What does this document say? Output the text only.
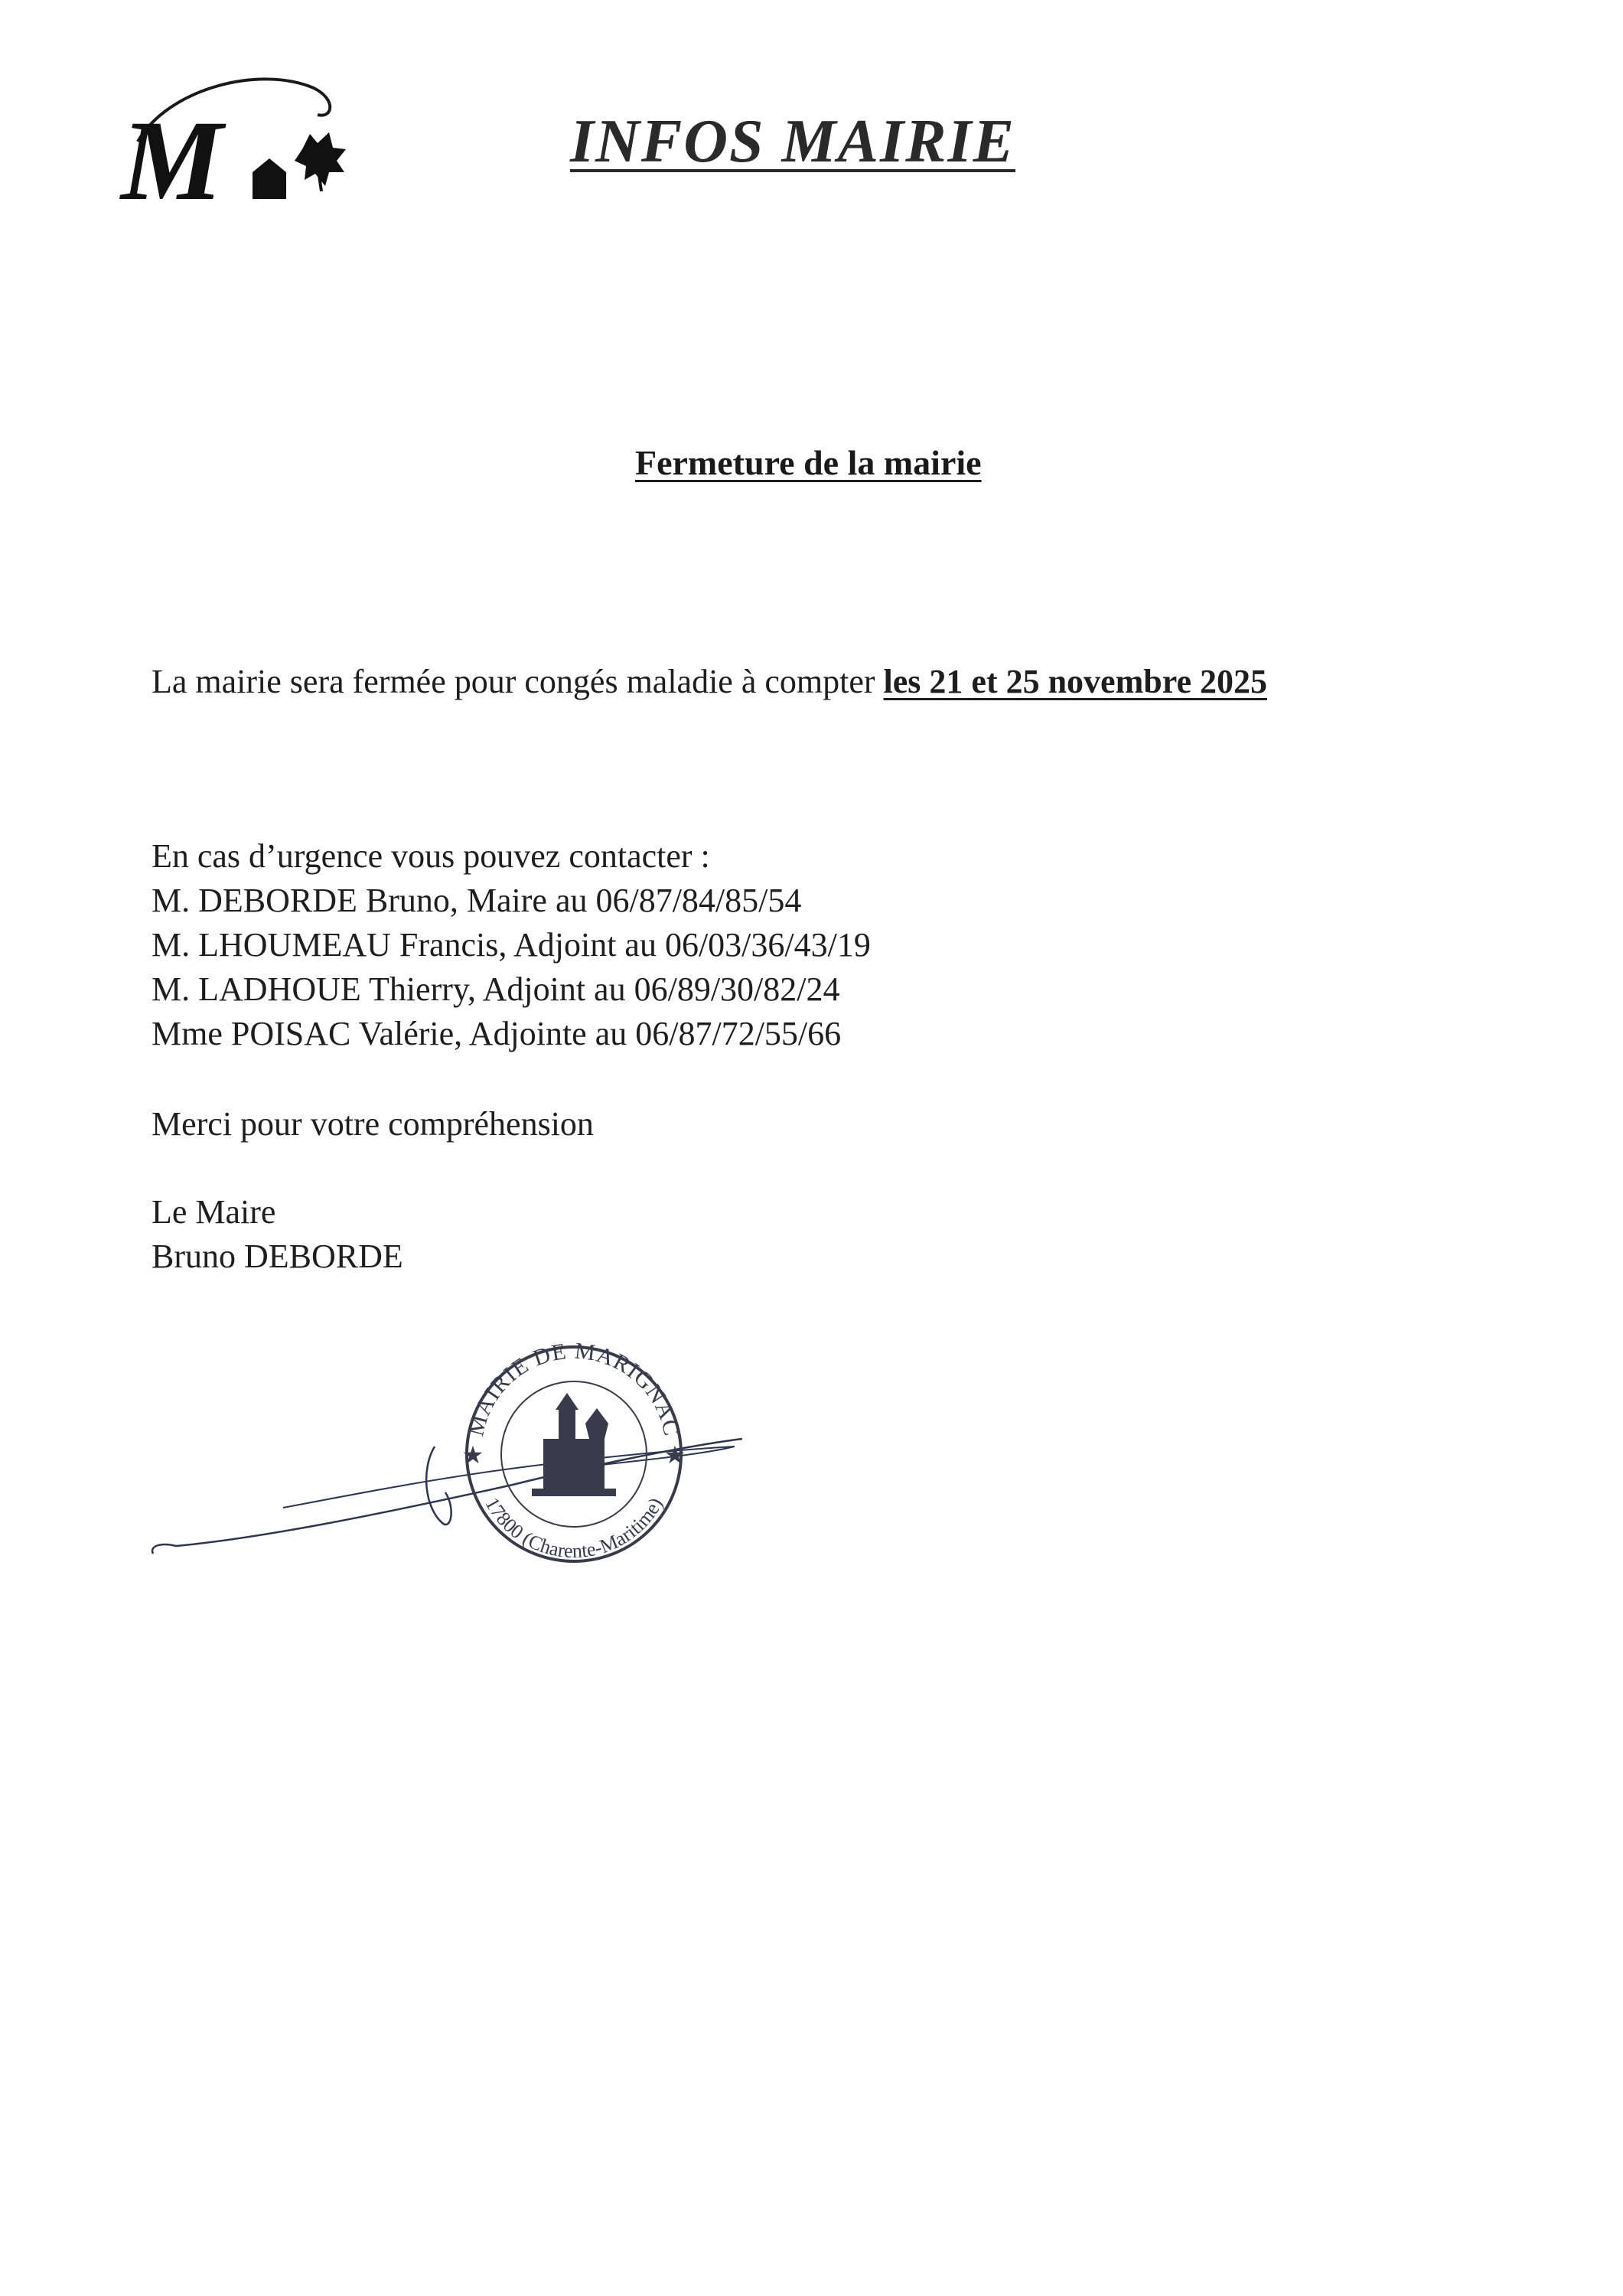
M	INFOS MAIRIE
Fermeture de la mairie
La mairie sera fermée pour congés maladie à compter les 21 et 25 novembre 2025
En cas d’urgence vous pouvez contacter :
M. DEBORDE Bruno, Maire au 06/87/84/85/54
M. LHOUMEAU Francis, Adjoint au 06/03/36/43/19
M. LADHOUE Thierry, Adjoint au 06/89/30/82/24
Mme POISAC Valérie, Adjointe au 06/87/72/55/66
Merci pour votre compréhension
Le Maire
Bruno DEBORDE
MAIRIE DE MARIGNAC
17800 (Charente-Maritime)
★	★
